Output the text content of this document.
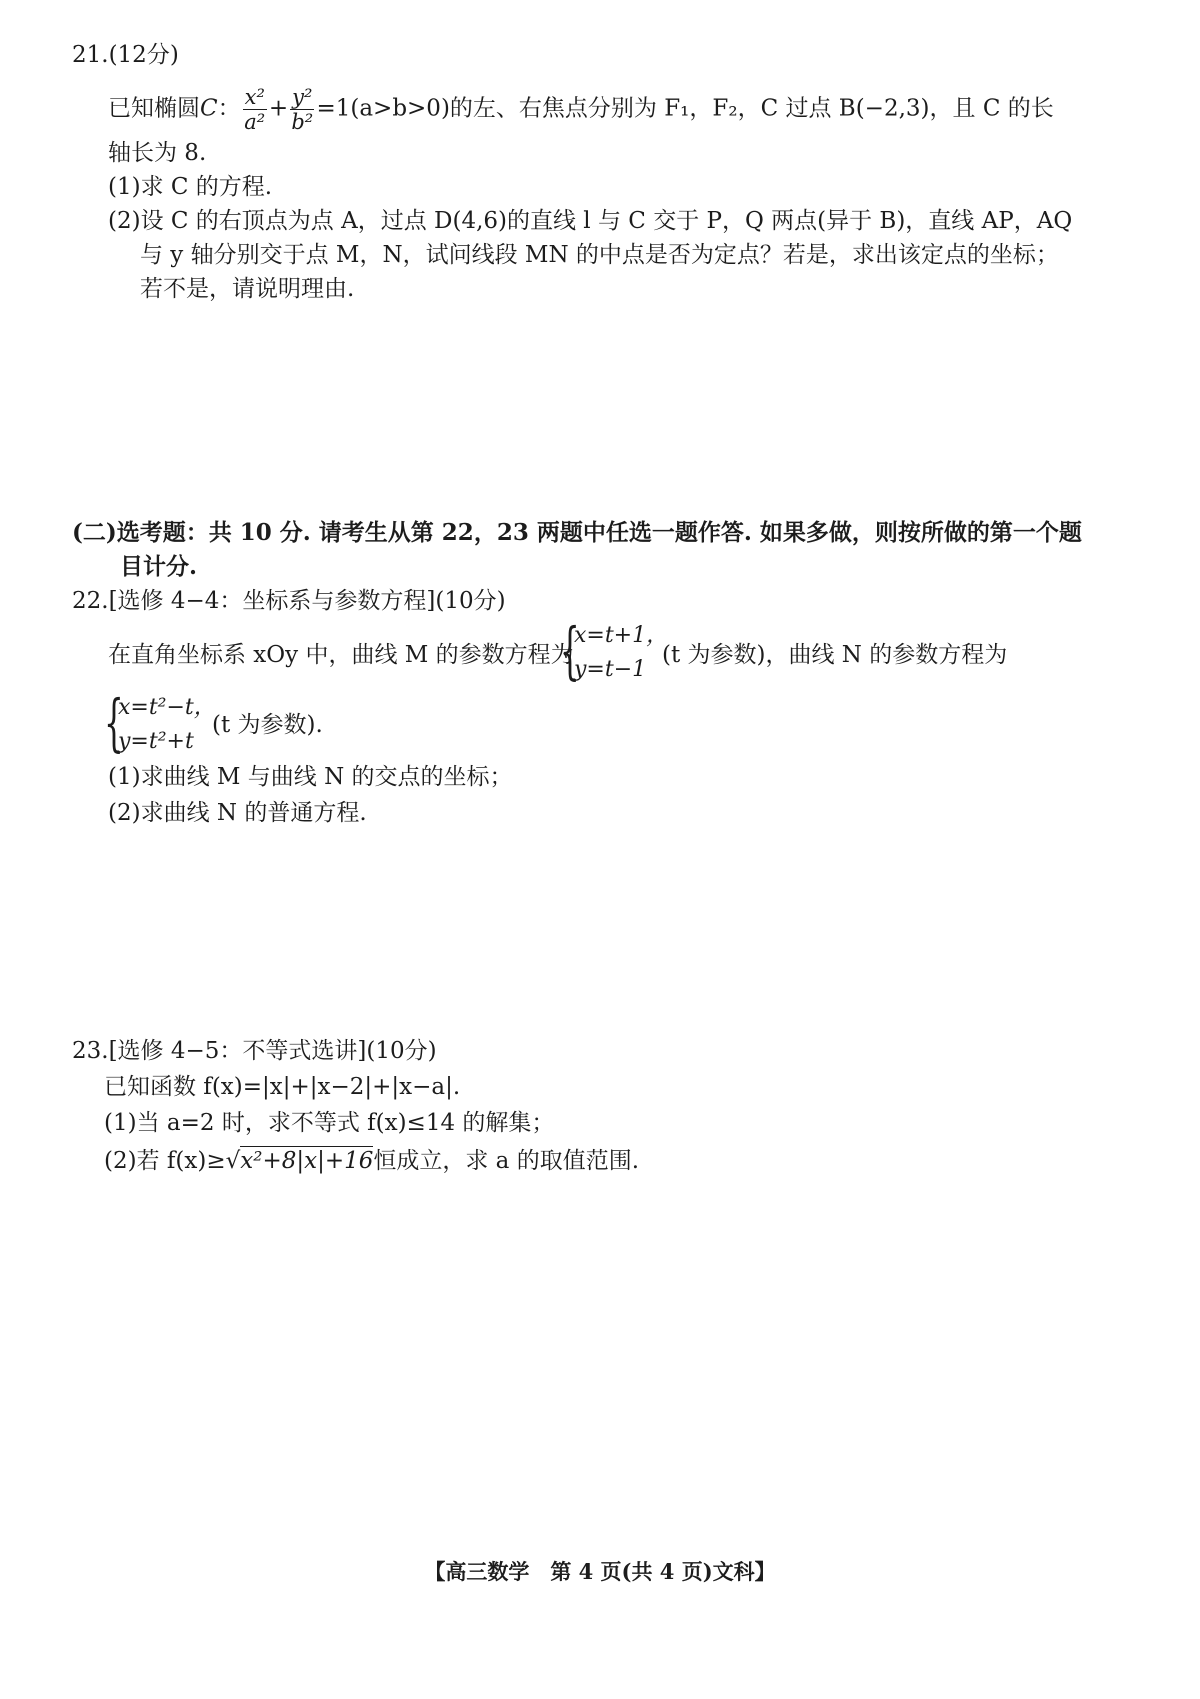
21.(12分)
已知椭圆C： $\frac{\text{x²}}{\text{a²}} + \frac{\text{y²}}{\text{b²}} =1(a>b>0)$的左、右焦点分别为 F₁，F₂，C 过点 B(−2,3)，且 C 的长
轴长为 8.
(1)求 C 的方程.
(2)设 C 的右顶点为点 A，过点 D(4,6)的直线 l 与 C 交于 P，Q 两点(异于 B)，直线 AP，AQ
与 y 轴分别交于点 M，N，试问线段 MN 的中点是否为定点？若是，求出该定点的坐标；
若不是，请说明理由.
(二)选考题：共 10 分. 请考生从第 22，23 两题中任选一题作答. 如果多做，则按所做的第一个题
目计分.
22.[选修 4−4：坐标系与参数方程](10分)
在直角坐标系 xOy 中，曲线 M 的参数方程为
{
x=t+1，
y=t−1
(t 为参数)，曲线 N 的参数方程为
{
x=t²−t，
y=t²+t
(t 为参数).
(1)求曲线 M 与曲线 N 的交点的坐标；
(2)求曲线 N 的普通方程.
23.[选修 4−5：不等式选讲](10分)
已知函数 f(x)=|x|+|x−2|+|x−a|.
(1)当 a=2 时，求不等式 f(x)≤14 的解集；
(2)若 f(x)≥√x²+8|x|+16恒成立，求 a 的取值范围.
【高三数学　第 4 页(共 4 页)文科】
